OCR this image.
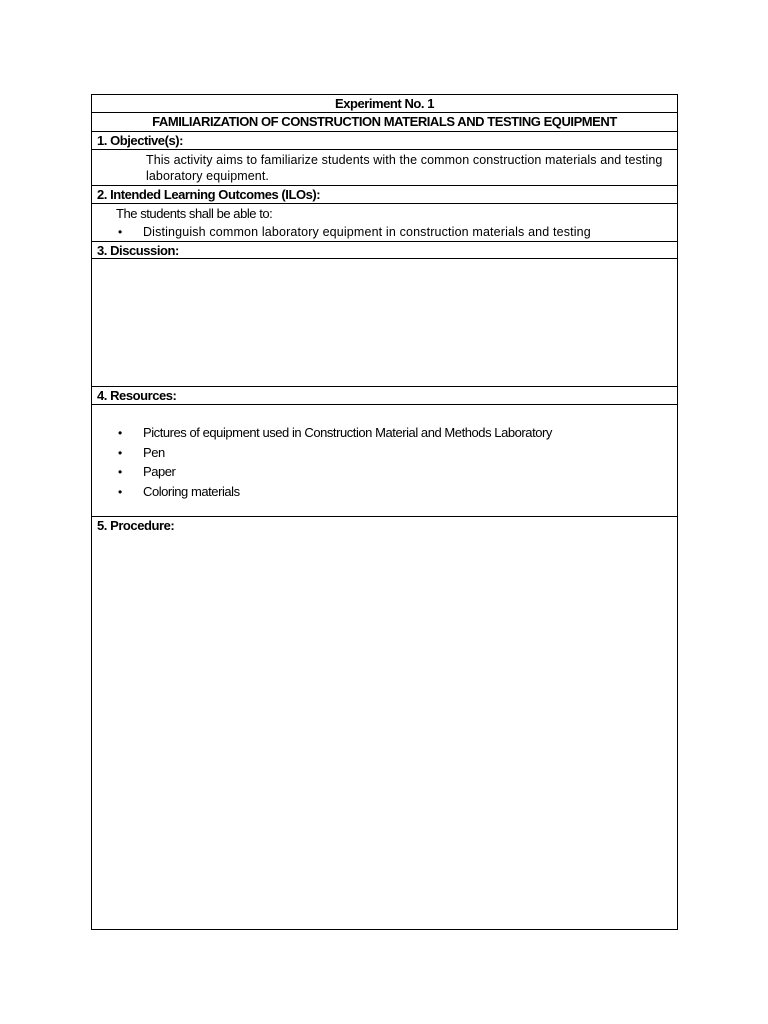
Experiment No. 1
FAMILIARIZATION OF CONSTRUCTION MATERIALS AND TESTING EQUIPMENT
1. Objective(s):
This activity aims to familiarize students with the common construction materials and testing laboratory equipment.
2. Intended Learning Outcomes (ILOs):
The students shall be able to:
• Distinguish common laboratory equipment in construction materials and testing
3. Discussion:
4. Resources:
• Pictures of equipment used in Construction Material and Methods Laboratory
• Pen
• Paper
• Coloring materials
5. Procedure:
